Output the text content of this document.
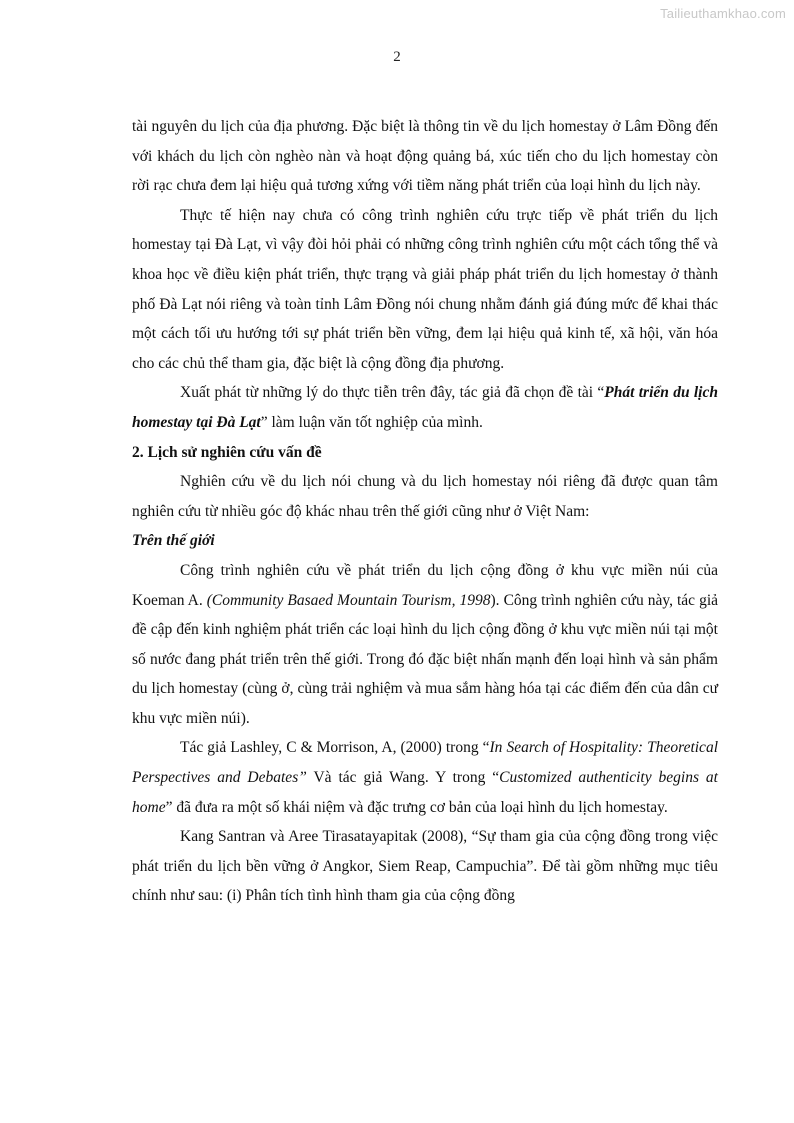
Tailieuthamkhao.com
2

tài nguyên du lịch của địa phương. Đặc biệt là thông tin về du lịch homestay ở Lâm Đồng đến với khách du lịch còn nghèo nàn và hoạt động quảng bá, xúc tiến cho du lịch homestay còn rời rạc chưa đem lại hiệu quả tương xứng với tiềm năng phát triển của loại hình du lịch này.

Thực tế hiện nay chưa có công trình nghiên cứu trực tiếp về phát triển du lịch homestay tại Đà Lạt, vì vậy đòi hỏi phải có những công trình nghiên cứu một cách tổng thể và khoa học về điều kiện phát triển, thực trạng và giải pháp phát triển du lịch homestay ở thành phố Đà Lạt nói riêng và toàn tỉnh Lâm Đồng nói chung nhằm đánh giá đúng mức để khai thác một cách tối ưu hướng tới sự phát triển bền vững, đem lại hiệu quả kinh tế, xã hội, văn hóa cho các chủ thể tham gia, đặc biệt là cộng đồng địa phương.

Xuất phát từ những lý do thực tiễn trên đây, tác giả đã chọn đề tài “Phát triển du lịch homestay tại Đà Lạt” làm luận văn tốt nghiệp của mình.

2. Lịch sử nghiên cứu vấn đề

Nghiên cứu về du lịch nói chung và du lịch homestay nói riêng đã được quan tâm nghiên cứu từ nhiều góc độ khác nhau trên thế giới cũng như ở Việt Nam:

Trên thế giới

Công trình nghiên cứu về phát triển du lịch cộng đồng ở khu vực miền núi của Koeman A. (Community Basaed Mountain Tourism, 1998). Công trình nghiên cứu này, tác giả đề cập đến kinh nghiệm phát triển các loại hình du lịch cộng đồng ở khu vực miền núi tại một số nước đang phát triển trên thế giới. Trong đó đặc biệt nhấn mạnh đến loại hình và sản phẩm du lịch homestay (cùng ở, cùng trải nghiệm và mua sắm hàng hóa tại các điểm đến của dân cư khu vực miền núi).

Tác giả Lashley, C & Morrison, A, (2000) trong “In Search of Hospitality: Theoretical Perspectives and Debates” Và tác giả Wang. Y trong “Customized authenticity begins at home” đã đưa ra một số khái niệm và đặc trưng cơ bản của loại hình du lịch homestay.

Kang Santran và Aree Tirasatayapitak (2008), “Sự tham gia của cộng đồng trong việc phát triển du lịch bền vững ở Angkor, Siem Reap, Campuchia”. Để tài gồm những mục tiêu chính như sau: (i) Phân tích tình hình tham gia của cộng đồng
